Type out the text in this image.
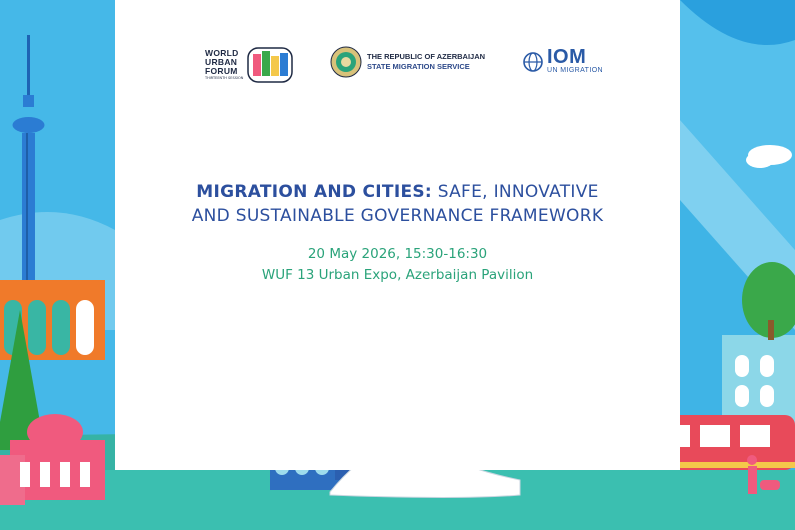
WORLD
URBAN
FORUM
THIRTEENTH SESSION
THE REPUBLIC OF AZERBAIJAN
STATE MIGRATION SERVICE	IOM
UN MIGRATION
MIGRATION AND CITIES: SAFE, INNOVATIVE
AND SUSTAINABLE GOVERNANCE FRAMEWORK
20 May 2026, 15:30-16:30
WUF 13 Urban Expo, Azerbaijan Pavilion
